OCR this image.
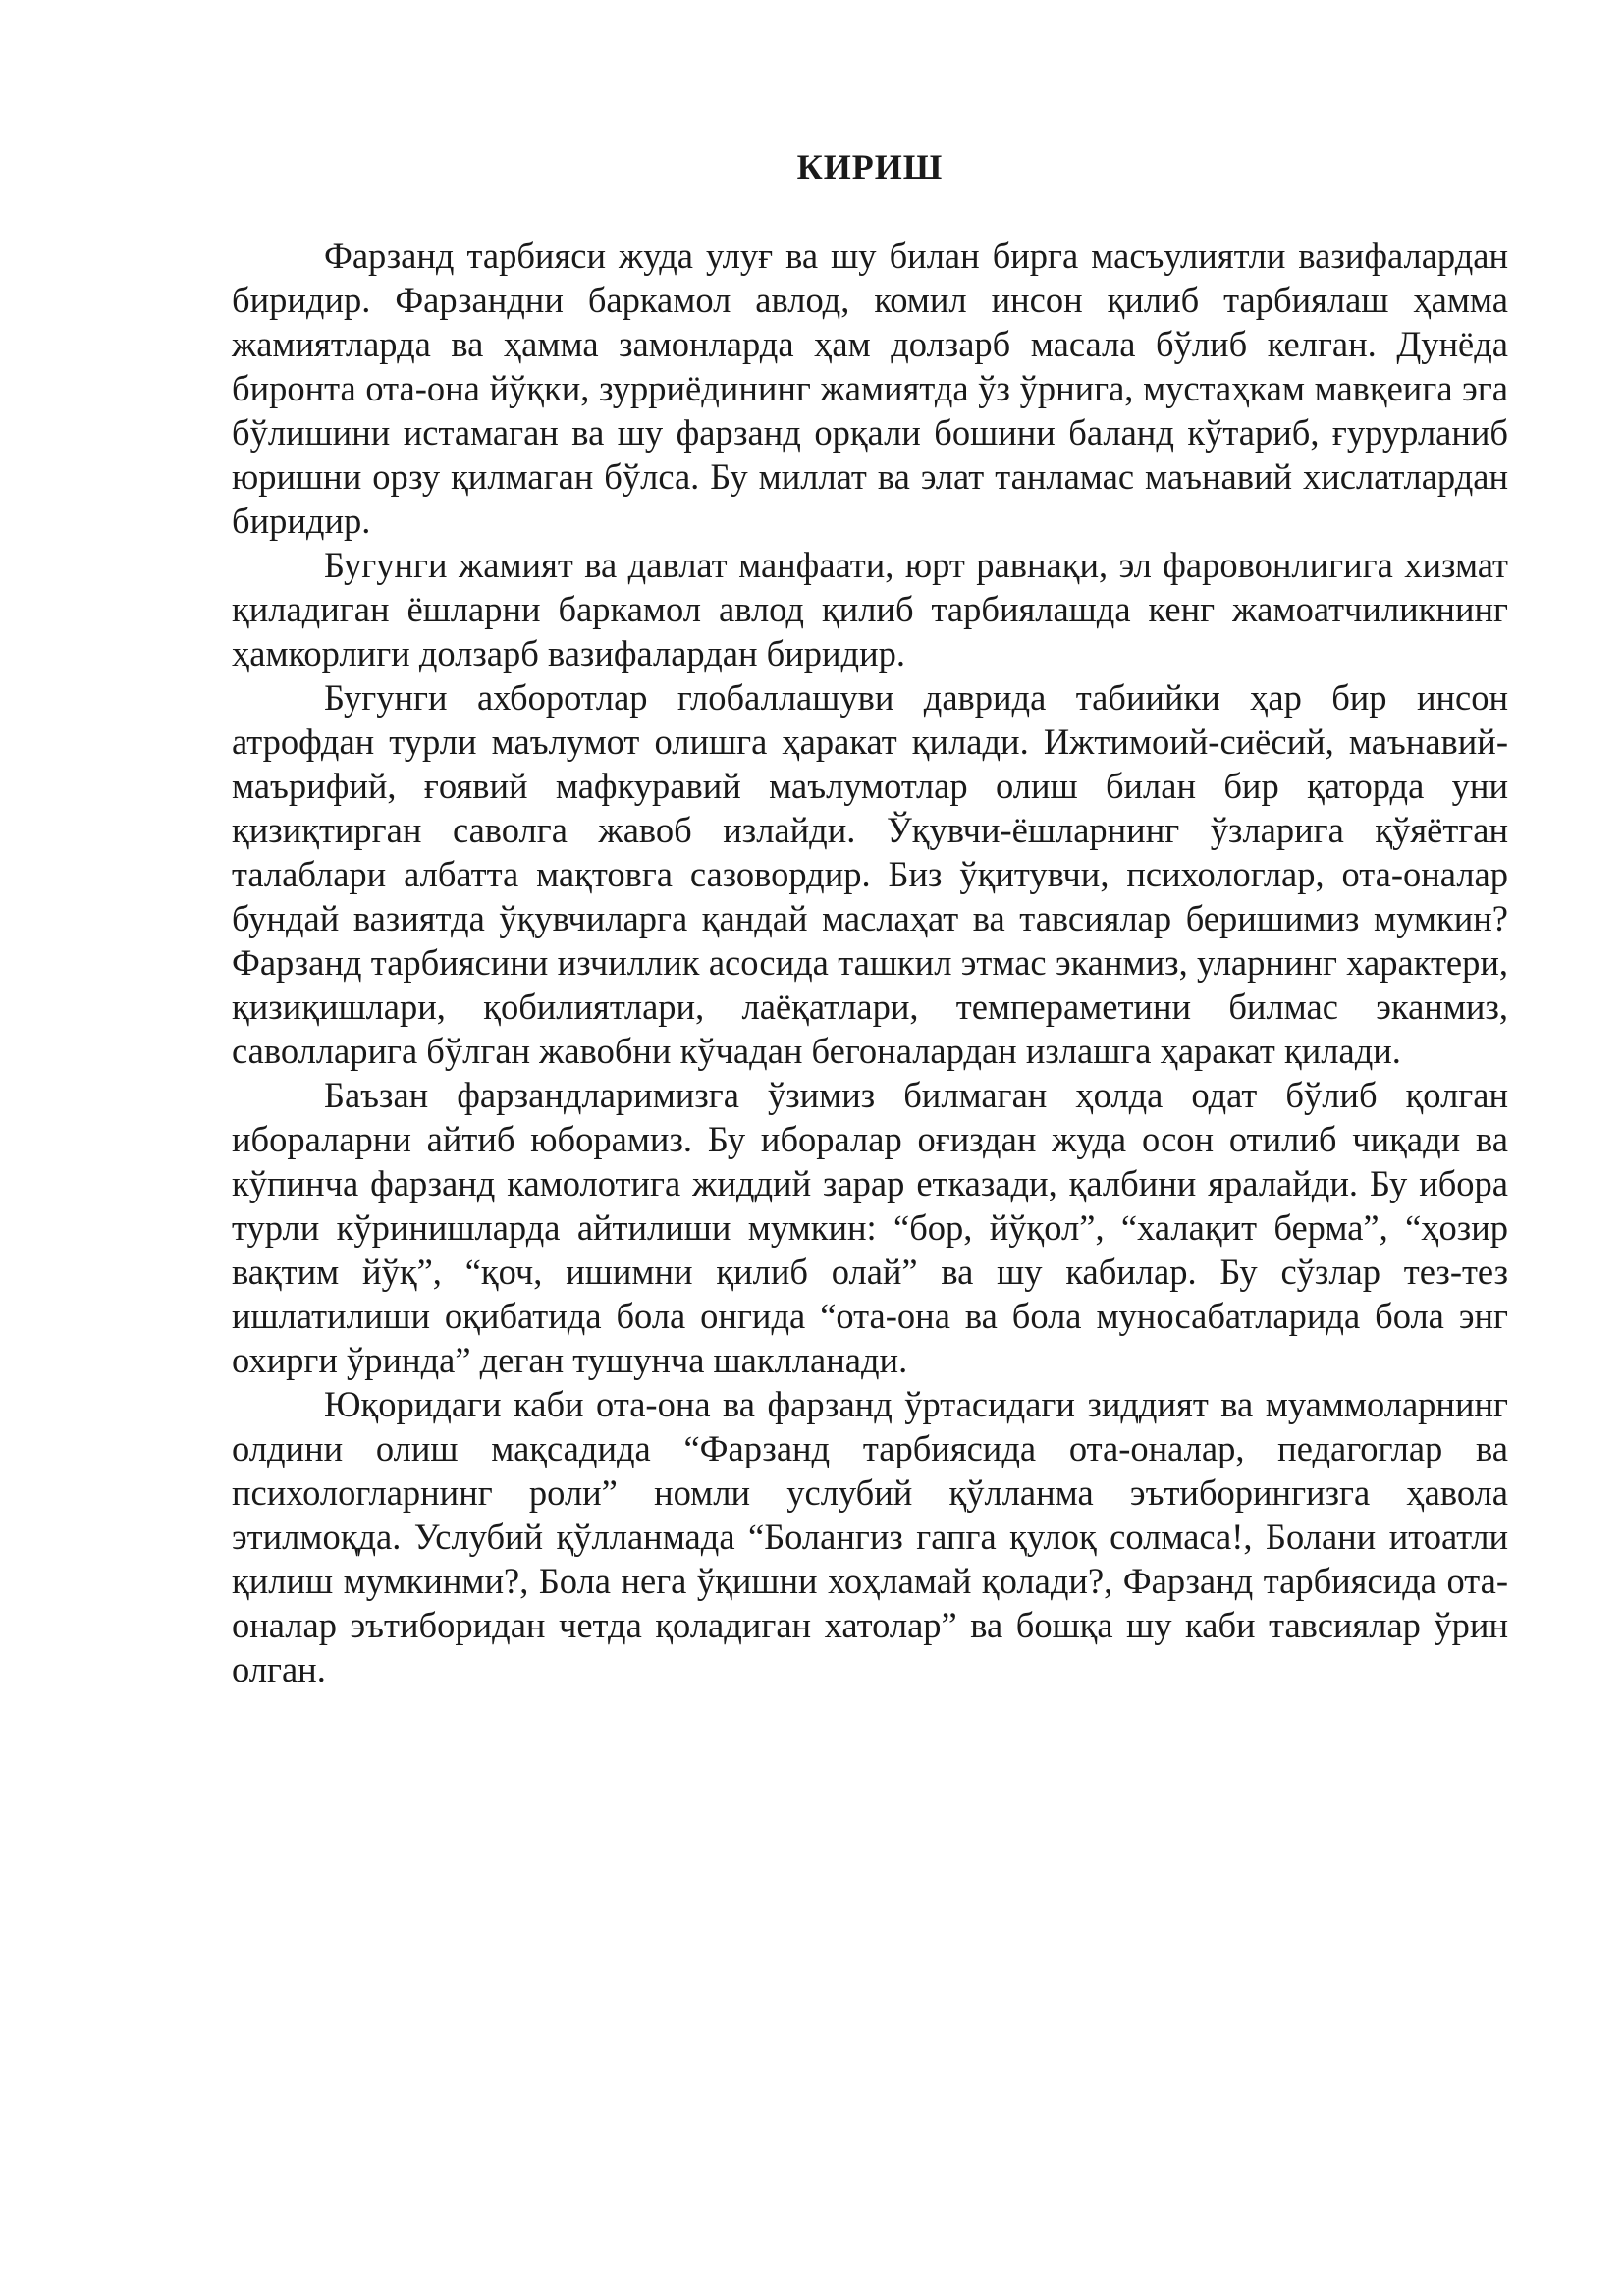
КИРИШ

Фарзанд тарбияси жуда улуғ ва шу билан бирга масъулиятли вазифалардан биридир. Фарзандни баркамол авлод, комил инсон қилиб тарбиялаш ҳамма жамиятларда ва ҳамма замонларда ҳам долзарб масала бўлиб келган. Дунёда биронта ота-она йўқки, зурриёдининг жамиятда ўз ўрнига, мустаҳкам мавқеига эга бўлишини истамаган ва шу фарзанд орқали бошини баланд кўтариб, ғурурланиб юришни орзу қилмаган бўлса. Бу миллат ва элат танламас маънавий хислатлардан биридир.

Бугунги жамият ва давлат манфаати, юрт равнақи, эл фаровонлигига хизмат қиладиган ёшларни баркамол авлод қилиб тарбиялашда кенг жамоатчиликнинг ҳамкорлиги долзарб вазифалардан биридир.

Бугунги ахборотлар глобаллашуви даврида табиийки ҳар бир инсон атрофдан турли маълумот олишга ҳаракат қилади. Ижтимоий-сиёсий, маънавий-маърифий, ғоявий мафкуравий маълумотлар олиш билан бир қаторда уни қизиқтирган саволга жавоб излайди. Ўқувчи-ёшларнинг ўзларига қўяётган талаблари албатта мақтовга сазовордир. Биз ўқитувчи, психологлар, ота-оналар бундай вазиятда ўқувчиларга қандай маслаҳат ва тавсиялар беришимиз мумкин? Фарзанд тарбиясини изчиллик асосида ташкил этмас эканмиз, уларнинг характери, қизиқишлари, қобилиятлари, лаёқатлари, темпераметини билмас эканмиз, саволларига бўлган жавобни кўчадан бегоналардан излашга ҳаракат қилади.

Баъзан фарзандларимизга ўзимиз билмаган ҳолда одат бўлиб қолган ибораларни айтиб юборамиз. Бу иборалар оғиздан жуда осон отилиб чиқади ва кўпинча фарзанд камолотига жиддий зарар етказади, қалбини яралайди. Бу ибора турли кўринишларда айтилиши мумкин: “бор, йўқол”, “халақит берма”, “ҳозир вақтим йўқ”, “қоч, ишимни қилиб олай” ва шу кабилар. Бу сўзлар тез-тез ишлатилиши оқибатида бола онгида “ота-она ва бола муносабатларида бола энг охирги ўринда” деган тушунча шаклланади.

Юқоридаги каби ота-она ва фарзанд ўртасидаги зиддият ва муаммоларнинг олдини олиш мақсадида “Фарзанд тарбиясида ота-оналар, педагоглар ва психологларнинг роли” номли услубий қўлланма эътиборингизга ҳавола этилмоқда. Услубий қўлланмада “Болангиз гапга қулоқ солмаса!, Болани итоатли қилиш мумкинми?, Бола нега ўқишни хоҳламай қолади?, Фарзанд тарбиясида ота-оналар эътиборидан четда қоладиган хатолар” ва бошқа шу каби тавсиялар ўрин олган.
